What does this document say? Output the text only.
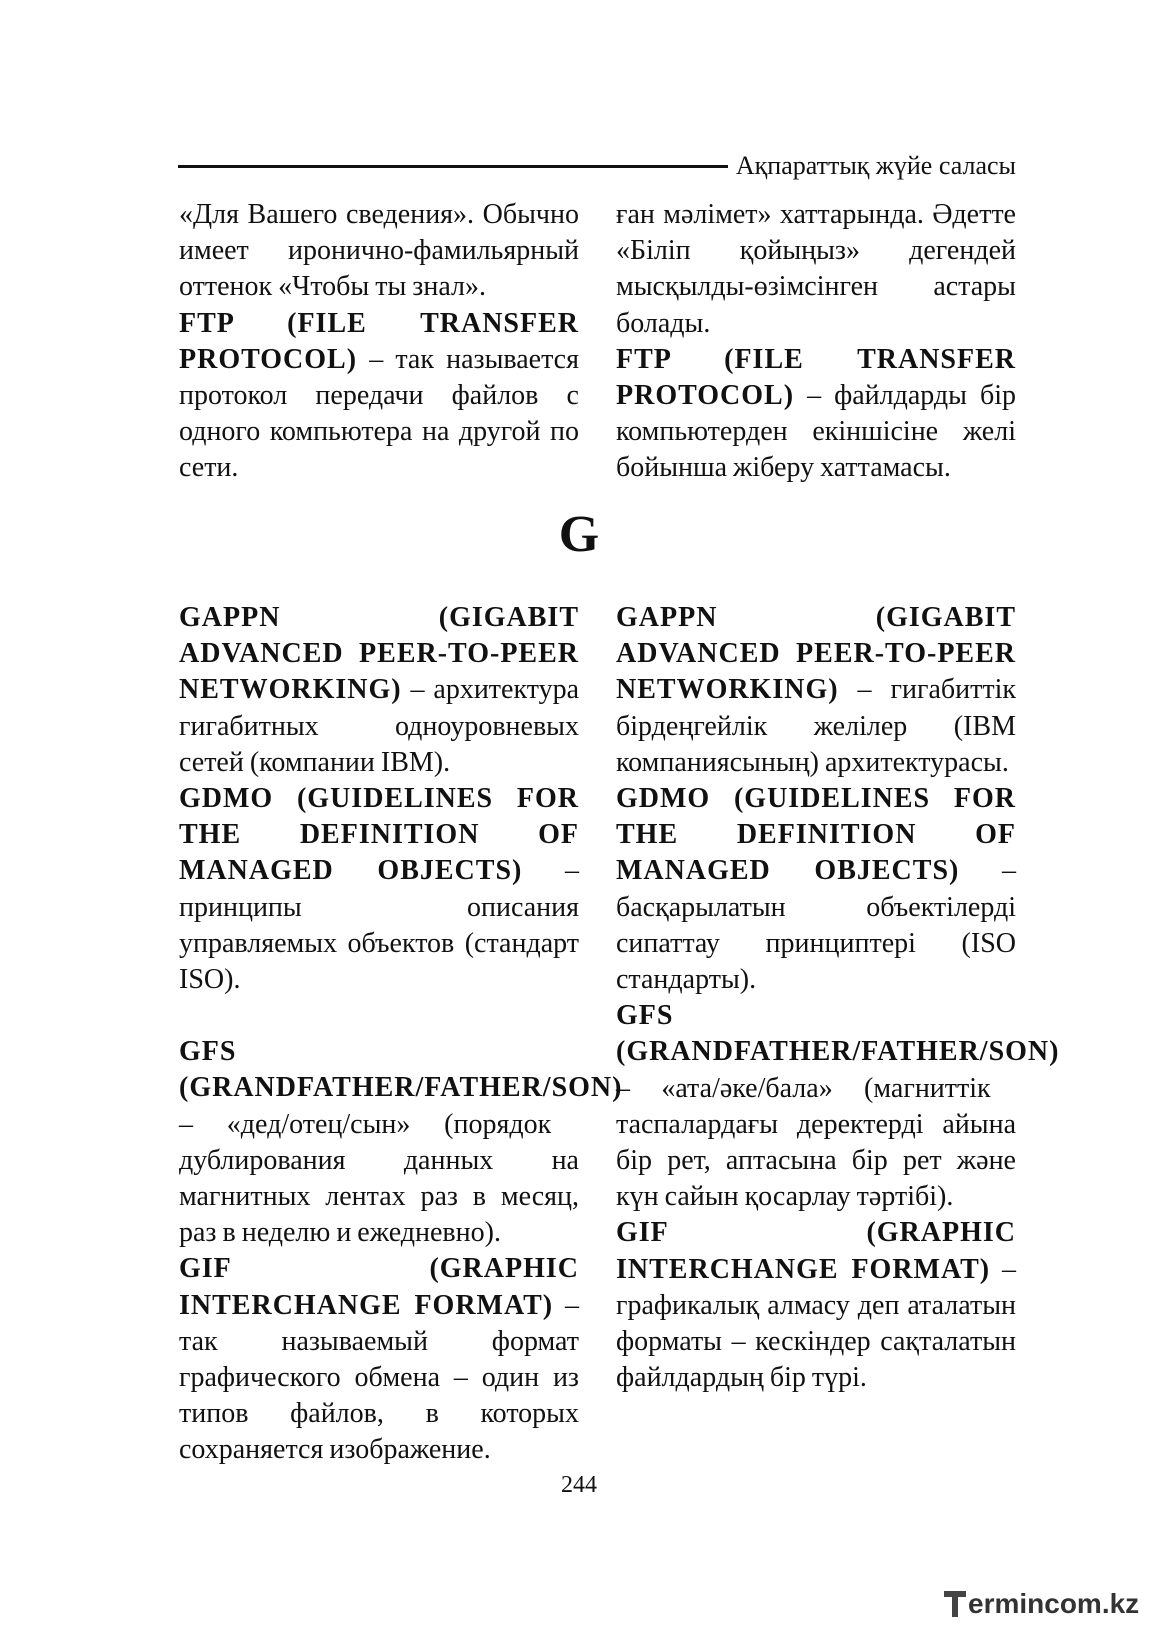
Ақпараттық жүйе саласы

«Для Вашего сведения». Обычно имеет иронично-фамильярный оттенок «Чтобы ты знал».

FTP (FILE TRANSFER PROTOCOL) – так называется протокол передачи файлов с одного компьютера на другой по сети.

ған мәлімет» хаттарында. Әдетте «Біліп қойыңыз» дегендей мысқылды-өзімсінген астары болады.

FTP (FILE TRANSFER PROTOCOL) – файлдарды бір компьютерден екіншісіне желі бойынша жіберу хаттамасы.

G

GAPPN (GIGABIT ADVANCED PEER-TO-PEER NETWORKING) – архитектура гигабитных одноуровневых сетей (компании IBM).

GDMO (GUIDELINES FOR THE DEFINITION OF MANAGED OBJECTS) – принципы описания управляемых объектов (стандарт ISO).

GFS (GRANDFATHER/FATHER/SON) – «дед/отец/сын» (порядок дублирования данных на магнитных лентах раз в месяц, раз в неделю и ежедневно).

GIF (GRAPHIC INTERCHANGE FORMAT) – так называемый формат графического обмена – один из типов файлов, в которых сохраняется изображение.

GAPPN (GIGABIT ADVANCED PEER-TO-PEER NETWORKING) – гигабиттік бірдеңгейлік желілер (IBM компаниясының) архитектурасы.

GDMO (GUIDELINES FOR THE DEFINITION OF MANAGED OBJECTS) – басқарылатын объектілерді сипаттау принциптері (ISO стандарты).

GFS (GRANDFATHER/FATHER/SON) – «ата/әке/бала» (магниттік таспалардағы деректерді айына бір рет, аптасына бір рет және күн сайын қосарлау тәртібі).

GIF (GRAPHIC INTERCHANGE FORMAT) – графикалық алмасу деп аталатын форматы – кескіндер сақталатын файлдардың бір түрі.

244
ermincom.kz
